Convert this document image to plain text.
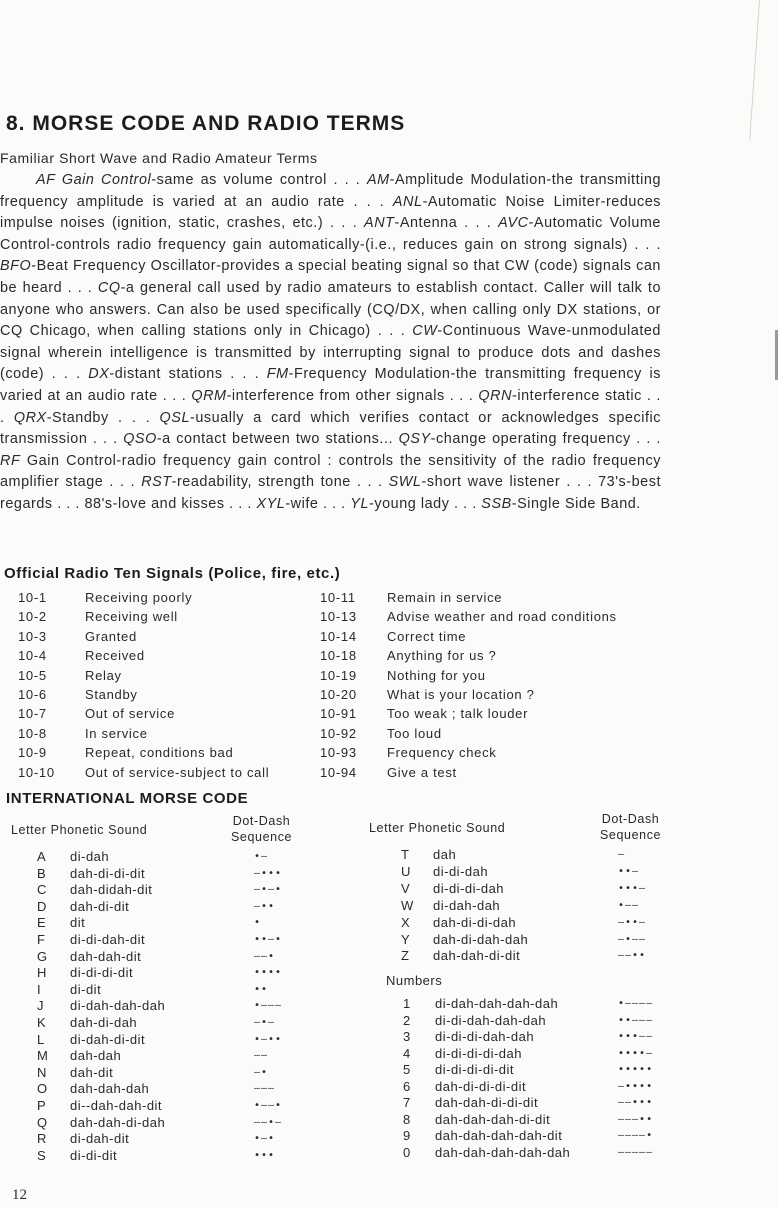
8. MORSE CODE AND RADIO TERMS
Familiar Short Wave and Radio Amateur Terms
AF Gain Control-same as volume control . . . AM-Amplitude Modulation-the transmitting frequency amplitude is varied at an audio rate . . . ANL-Automatic Noise Limiter-reduces impulse noises (ignition, static, crashes, etc.) . . . ANT-Antenna . . . AVC-Automatic Volume Control-controls radio frequency gain automatically-(i.e., reduces gain on strong signals) . . . BFO-Beat Frequency Oscillator-provides a special beating signal so that CW (code) signals can be heard . . . CQ-a general call used by radio amateurs to establish contact. Caller will talk to anyone who answers. Can also be used specifically (CQ/DX, when calling only DX stations, or CQ Chicago, when calling stations only in Chicago) . . . CW-Continuous Wave-unmodulated signal wherein intelligence is transmitted by interrupting signal to produce dots and dashes (code) . . . DX-distant stations . . . FM-Frequency Modulation-the transmitting frequency is varied at an audio rate . . . QRM-interference from other signals . . . QRN-interference static . . . QRX-Standby . . . QSL-usually a card which verifies contact or acknowledges specific transmission . . . QSO-a contact between two stations... QSY-change operating frequency . . . RF Gain Control-radio frequency gain control : controls the sensitivity of the radio frequency amplifier stage . . . RST-readability, strength tone . . . SWL-short wave listener . . . 73's-best regards . . . 88's-love and kisses . . . XYL-wife . . . YL-young lady . . . SSB-Single Side Band.
Official Radio Ten Signals (Police, fire, etc.)
10-1	Receiving poorly
10-2	Receiving well
10-3	Granted
10-4	Received
10-5	Relay
10-6	Standby
10-7	Out of service
10-8	In service
10-9	Repeat, conditions bad
10-10 Out of service-subject to call
10-11 Remain in service
10-13 Advise weather and road conditions
10-14 Correct time
10-18 Anything for us ?
10-19 Nothing for you
10-20 What is your location ?
10-91 Too weak ; talk louder
10-92 Too loud
10-93 Frequency check
10-94 Give a test
INTERNATIONAL MORSE CODE
Letter Phonetic Sound
Dot-Dash
Sequence
Letter Phonetic Sound
Dot-Dash
Sequence
Numbers
A di-dah	•–
B dah-di-di-dit	–•••
C dah-didah-dit	–•–•
D dah-di-dit	–••
E dit	•
F di-di-dah-dit	••–•
G dah-dah-dit	––•
H di-di-di-dit	••••
I di-dit	••
J di-dah-dah-dah	•–––
K dah-di-dah	–•–
L di-dah-di-dit	•–••
M dah-dah	––
N dah-dit	–•
O dah-dah-dah	–––
P di--dah-dah-dit	•––•
Q dah-dah-di-dah	––•–
R di-dah-dit	•–•
S di-di-dit	•••
T dah	–
U di-di-dah	••–
V di-di-di-dah	•••–
W di-dah-dah	•––
X dah-di-di-dah	–••–
Y dah-di-dah-dah	–•––
Z dah-dah-di-dit	––••
1 di-dah-dah-dah-dah	•––––
2 di-di-dah-dah-dah	••–––
3 di-di-di-dah-dah	•••––
4 di-di-di-di-dah	••••–
5 di-di-di-di-dit	•••••
6 dah-di-di-di-dit	–••••
7 dah-dah-di-di-dit	––•••
8 dah-dah-dah-di-dit	–––••
9 dah-dah-dah-dah-dit	––––•
0 dah-dah-dah-dah-dah	–––––
12
